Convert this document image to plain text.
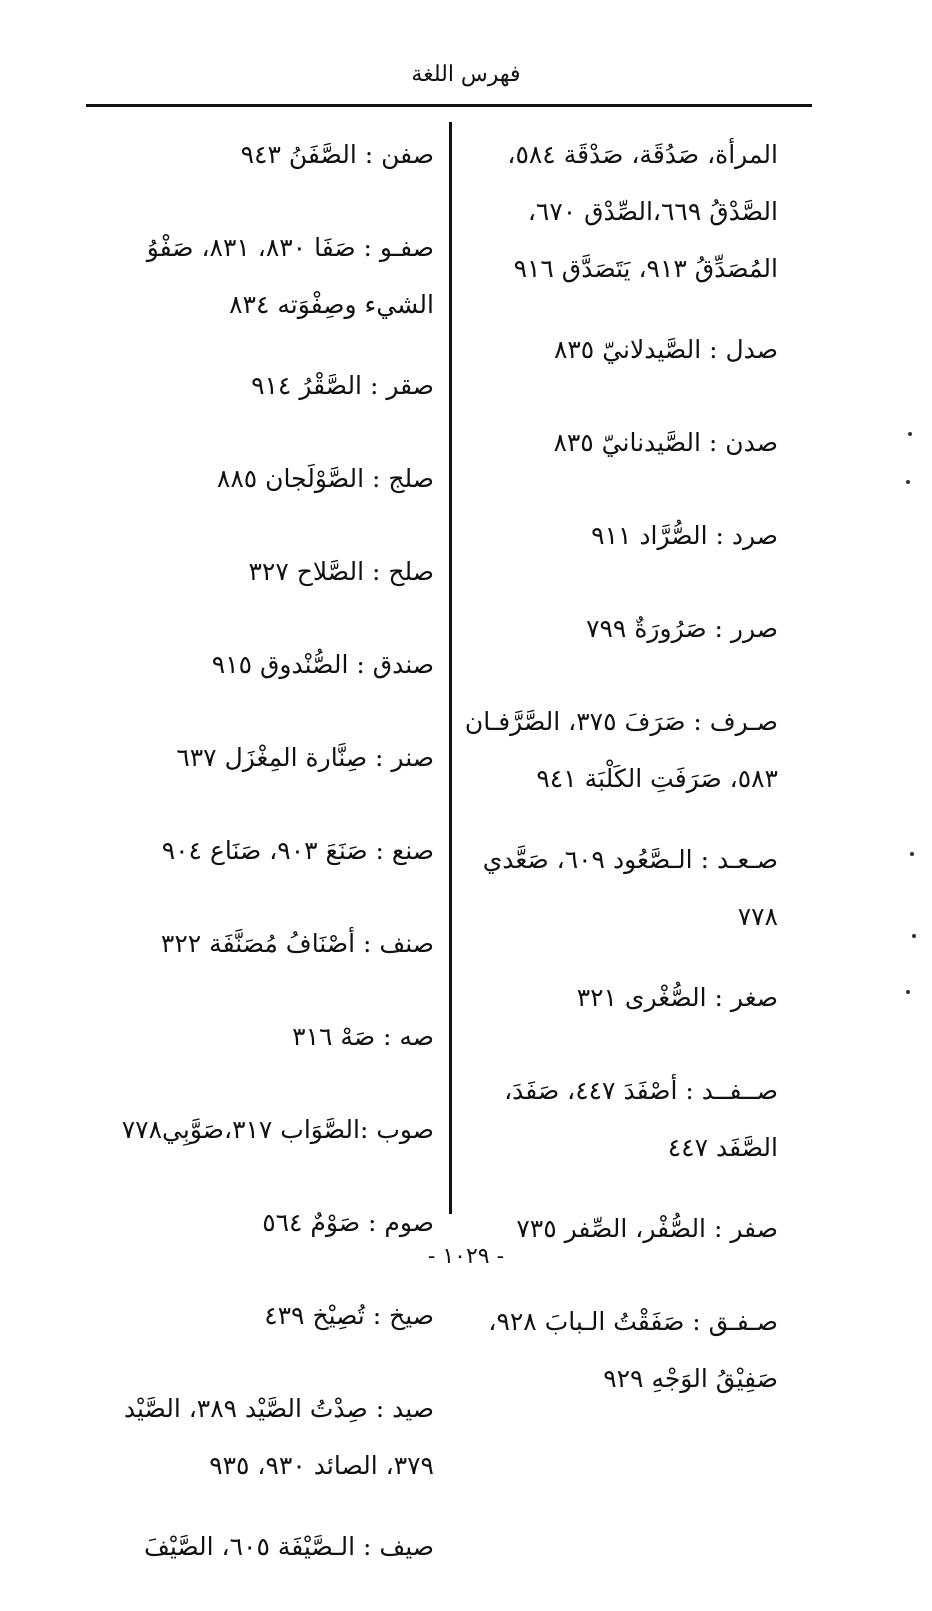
فهرس اللغة
المرأة، صَدُقَة، صَدْقَة ٥٨٤،
الصَّدْقُ ٦٦٩،الصِّدْق ٦٧٠،
المُصَدِّقُ ٩١٣، يَتَصَدَّق ٩١٦
صدل : الصَّيدلانيّ ٨٣٥
صدن : الصَّيدنانيّ ٨٣٥
صرد : الصُّرَّاد ٩١١
صرر : صَرُورَةٌ ٧٩٩
صـرف : صَرَفَ ٣٧٥، الصَّرَّفـان
٥٨٣، صَرَفَتِ الكَلْبَة ٩٤١
صـعـد : الـصَّعُود ٦٠٩، صَعَّدي
٧٧٨
صغر : الصُّغْرى ٣٢١
صــفــد : أصْفَدَ ٤٤٧، صَفَدَ،
الصَّفَد ٤٤٧
صفر : الصُّفْر، الصِّفر ٧٣٥
صـفـق : صَفَقْتُ الـبابَ ٩٢٨،
صَفِيْقُ الوَجْهِ ٩٢٩
صفن : الصَّفَنُ ٩٤٣
صفـو : صَفَا ٨٣٠، ٨٣١، صَفْوُ
الشيء وصِفْوَته ٨٣٤
صقر : الصَّقْرُ ٩١٤
صلج : الصَّوْلَجان ٨٨٥
صلح : الصَّلاح ٣٢٧
صندق : الصُّنْدوق ٩١٥
صنر : صِنَّارة المِغْزَل ٦٣٧
صنع : صَنَعَ ٩٠٣، صَنَاع ٩٠٤
صنف : أصْنَافُ مُصَنَّفَة ٣٢٢
صه : صَهْ ٣١٦
صوب :الصَّوَاب ٣١٧،صَوَّبِي٧٧٨
صوم : صَوْمٌ ٥٦٤
صيخ : تُصِيْخ ٤٣٩
صيد : صِدْتُ الصَّيْد ٣٨٩، الصَّيْد
٣٧٩، الصائد ٩٣٠، ٩٣٥
صيف : الـصَّيْفَة ٦٠٥، الصَّيْفَ
- ١٠٢٩ -
